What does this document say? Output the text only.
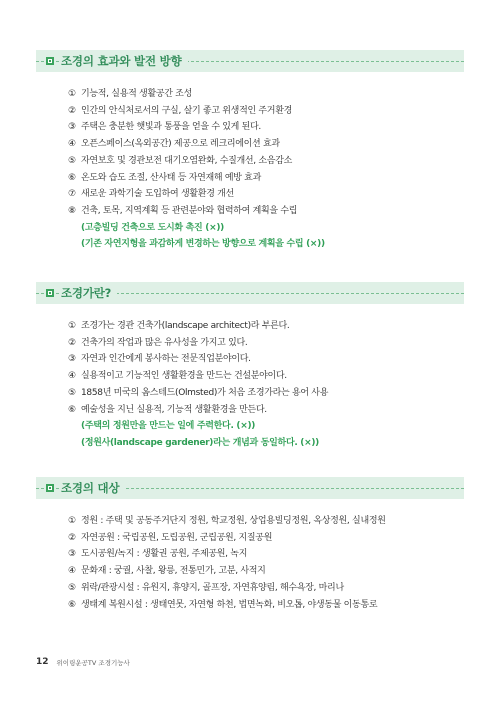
조경의 효과와 발전 방향
① 기능적, 실용적 생활공간 조성
② 인간의 안식처로서의 구실, 살기 좋고 위생적인 주거환경
③ 주택은 충분한 햇빛과 통풍을 얻을 수 있게 된다.
④ 오픈스페이스(옥외공간) 제공으로 레크리에이션 효과
⑤ 자연보호 및 경관보전 대기오염완화, 수질개선, 소음감소
⑥ 온도와 습도 조절, 산사태 등 자연재해 예방 효과
⑦ 새로운 과학기술 도입하여 생활환경 개선
⑧ 건축, 토목, 지역계획 등 관련분야와 협력하여 계획을 수립
(고층빌딩 건축으로 도시화 촉진 (×))
(기존 자연지형을 과감하게 변경하는 방향으로 계획을 수립 (×))
조경가란?
① 조경가는 경관 건축가(landscape architect)라 부른다.
② 건축가의 작업과 많은 유사성을 가지고 있다.
③ 자연과 인간에게 봉사하는 전문직업분야이다.
④ 실용적이고 기능적인 생활환경을 만드는 건설분야이다.
⑤ 1858년 미국의 옴스테드(Olmsted)가 처음 조경가라는 용어 사용
⑥ 예술성을 지닌 실용적, 기능적 생활환경을 만든다.
(주택의 정원만을 만드는 일에 주력한다. (×))
(정원사(landscape gardener)라는 개념과 동일하다. (×))
조경의 대상
① 정원 : 주택 및 공동주거단지 정원, 학교정원, 상업용빌딩정원, 옥상정원, 실내정원
② 자연공원 : 국립공원, 도립공원, 군립공원, 지질공원
③ 도시공원/녹지 : 생활권 공원, 주제공원, 녹지
④ 문화재 : 궁궐, 사찰, 왕릉, 전통민가, 고분, 사적지
⑤ 위락/관광시설 : 유원지, 휴양지, 골프장, 자연휴양림, 해수욕장, 마리나
⑥ 생태계 복원시설 : 생태연못, 자연형 하천, 법면녹화, 비오톱, 야생동물 이동통로
12 위이링운공TV 조경기능사
